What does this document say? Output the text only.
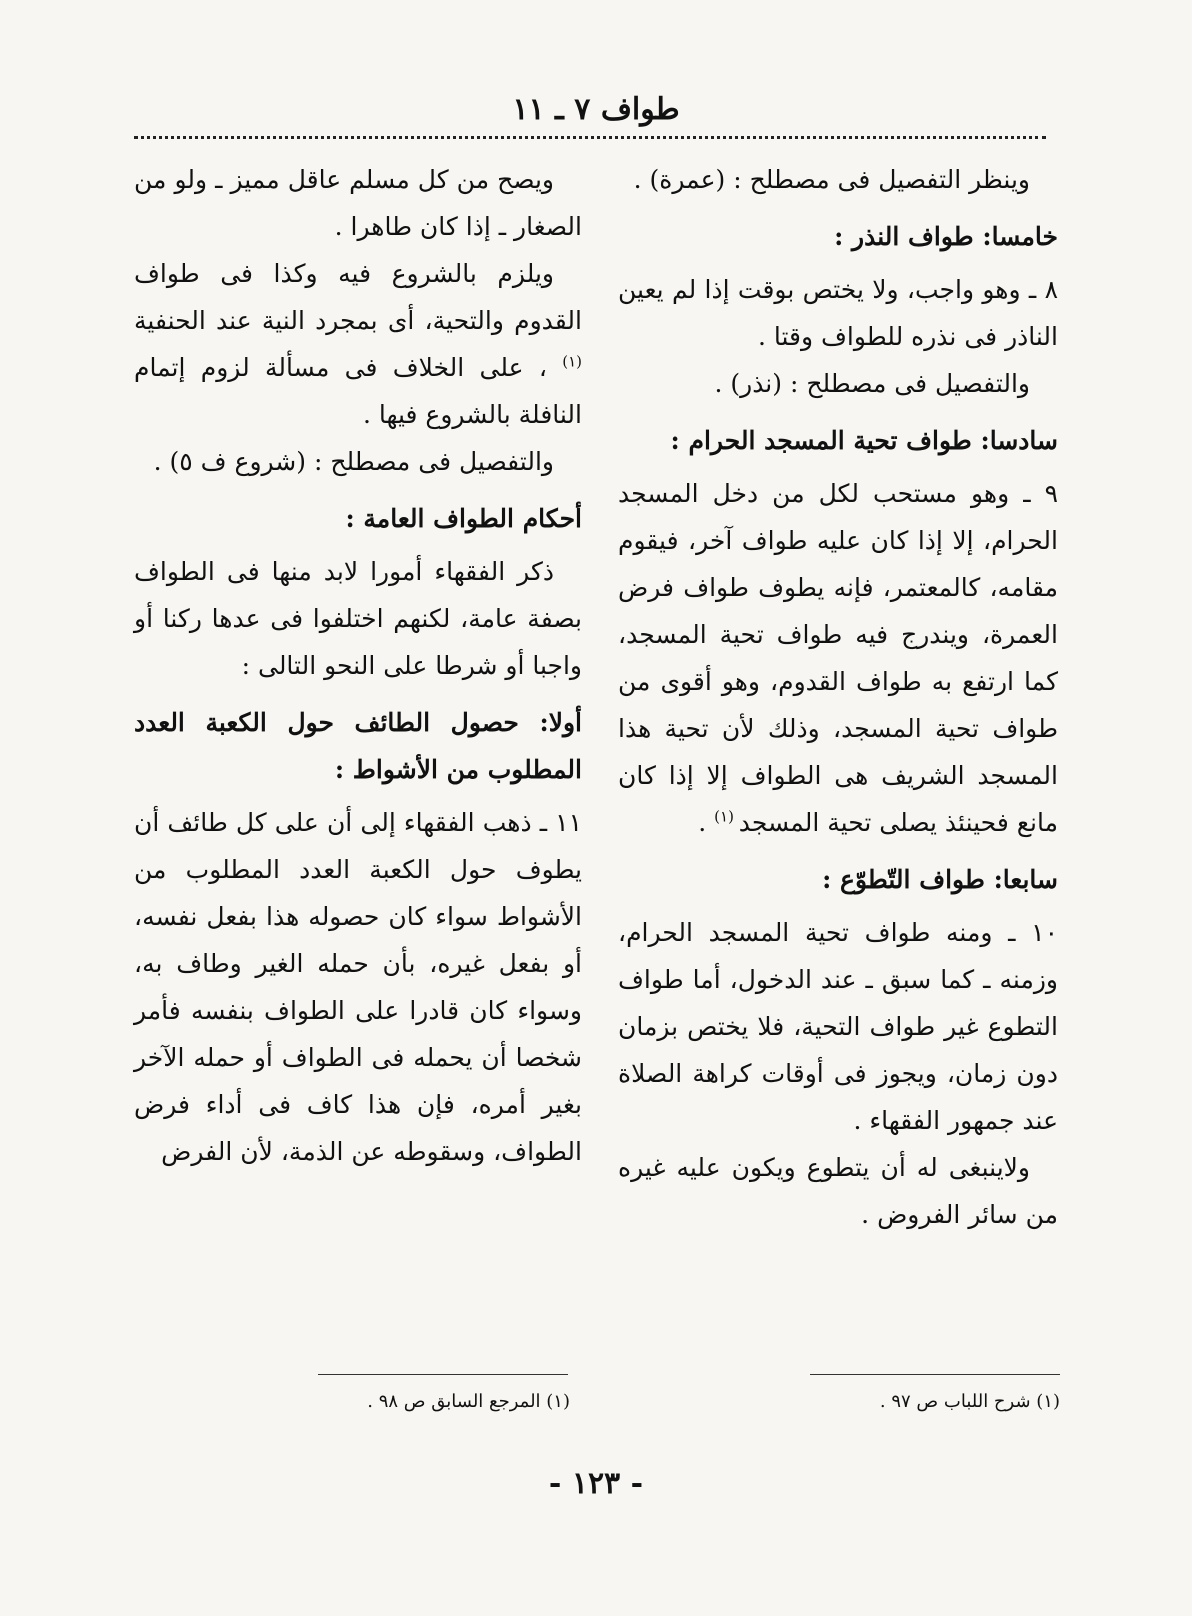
طواف ٧ ـ ١١
وينظر التفصيل فى مصطلح : (عمرة) .
خامسا: طواف النذر :
٨ ـ وهو واجب، ولا يختص بوقت إذا لم يعين الناذر فى نذره للطواف وقتا .
والتفصيل فى مصطلح : (نذر) .
سادسا: طواف تحية المسجد الحرام :
٩ ـ وهو مستحب لكل من دخل المسجد الحرام، إلا إذا كان عليه طواف آخر، فيقوم مقامه، كالمعتمر، فإنه يطوف طواف فرض العمرة، ويندرج فيه طواف تحية المسجد، كما ارتفع به طواف القدوم، وهو أقوى من طواف تحية المسجد، وذلك لأن تحية هذا المسجد الشريف هى الطواف إلا إذا كان مانع فحينئذ يصلى تحية المسجد $^{(١)}$ .
سابعا: طواف التّطوّع :
١٠ ـ ومنه طواف تحية المسجد الحرام، وزمنه ـ كما سبق ـ عند الدخول، أما طواف التطوع غير طواف التحية، فلا يختص بزمان دون زمان، ويجوز فى أوقات كراهة الصلاة عند جمهور الفقهاء .
ولاينبغى له أن يتطوع ويكون عليه غيره من سائر الفروض .
ويصح من كل مسلم عاقل مميز ـ ولو من الصغار ـ إذا كان طاهرا .
ويلزم بالشروع فيه وكذا فى طواف القدوم والتحية، أى بمجرد النية عند الحنفية $^{(١)}$ ، على الخلاف فى مسألة لزوم إتمام النافلة بالشروع فيها .
والتفصيل فى مصطلح : (شروع ف ٥) .
أحكام الطواف العامة :
ذكر الفقهاء أمورا لابد منها فى الطواف بصفة عامة، لكنهم اختلفوا فى عدها ركنا أو واجبا أو شرطا على النحو التالى :
أولا: حصول الطائف حول الكعبة العدد المطلوب من الأشواط :
١١ ـ ذهب الفقهاء إلى أن على كل طائف أن يطوف حول الكعبة العدد المطلوب من الأشواط سواء كان حصوله هذا بفعل نفسه، أو بفعل غيره، بأن حمله الغير وطاف به، وسواء كان قادرا على الطواف بنفسه فأمر شخصا أن يحمله فى الطواف أو حمله الآخر بغير أمره، فإن هذا كاف فى أداء فرض الطواف، وسقوطه عن الذمة، لأن الفرض
(١) شرح اللباب ص ٩٧ .
(١) المرجع السابق ص ٩٨ .
- ١٢٣ -
